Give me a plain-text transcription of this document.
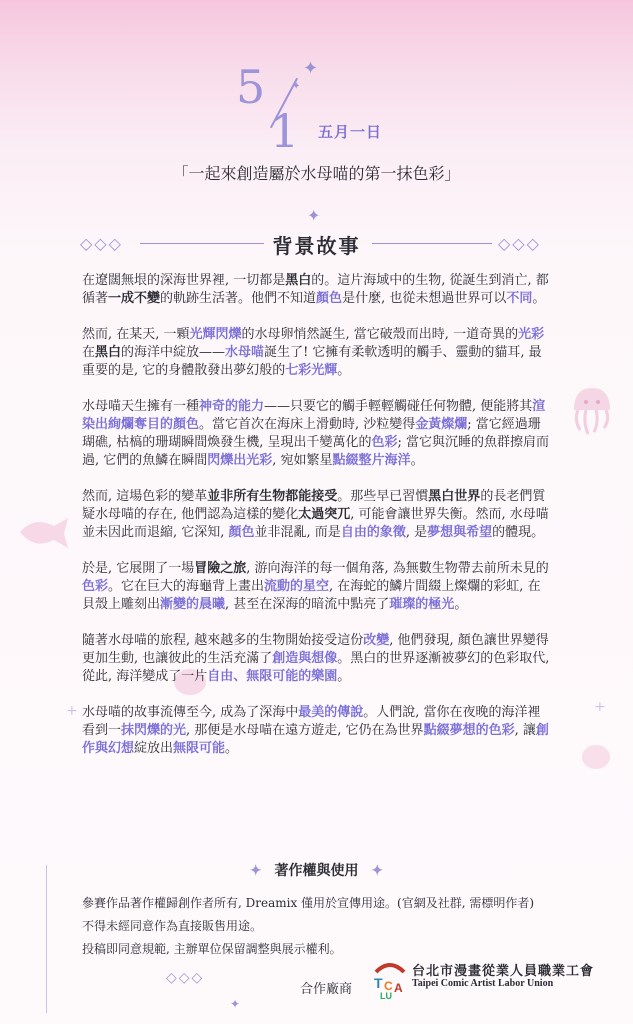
5
1 五月一日
✦
✦
「一起來創造屬於水母喵的第一抹色彩」
✦
◇◇◇	背景故事	◇◇◇

在遼闊無垠的深海世界裡, 一切都是黑白的。這片海域中的生物, 從誕生到消亡, 都循著一成不變的軌跡生活著。他們不知道顏色是什麼, 也從未想過世界可以不同。

然而, 在某天, 一顆光輝閃爍的水母卵悄然誕生, 當它破殼而出時, 一道奇異的光彩在黑白的海洋中綻放——水母喵誕生了! 它擁有柔軟透明的觸手、靈動的貓耳, 最重要的是, 它的身體散發出夢幻般的七彩光輝。

水母喵天生擁有一種神奇的能力——只要它的觸手輕輕觸碰任何物體, 便能將其渲染出絢爛奪目的顏色。當它首次在海床上滑動時, 沙粒變得金黃燦爛; 當它經過珊瑚礁, 枯槁的珊瑚瞬間煥發生機, 呈現出千變萬化的色彩; 當它與沉睡的魚群擦肩而過, 它們的魚鱗在瞬間閃爍出光彩, 宛如繁星點綴整片海洋。

然而, 這場色彩的變革並非所有生物都能接受。那些早已習慣黑白世界的長老們質疑水母喵的存在, 他們認為這樣的變化太過突兀, 可能會讓世界失衡。然而, 水母喵並未因此而退縮, 它深知, 顏色並非混亂, 而是自由的象徵, 是夢想與希望的體現。

於是, 它展開了一場冒險之旅, 游向海洋的每一個角落, 為無數生物帶去前所未見的色彩。它在巨大的海龜背上畫出流動的星空, 在海蛇的鱗片間綴上燦爛的彩虹, 在貝殼上雕刻出漸變的晨曦, 甚至在深海的暗流中點亮了璀璨的極光。

隨著水母喵的旅程, 越來越多的生物開始接受這份改變, 他們發現, 顏色讓世界變得更加生動, 也讓彼此的生活充滿了創造與想像。黑白的世界逐漸被夢幻的色彩取代, 從此, 海洋變成了一片自由、無限可能的樂園。

水母喵的故事流傳至今, 成為了深海中最美的傳說。人們說, 當你在夜晚的海洋裡看到一抹閃爍的光, 那便是水母喵在遠方遊走, 它仍在為世界點綴夢想的色彩, 讓創作與幻想綻放出無限可能。

+	+
✦ 著作權與使用 ✦
參賽作品著作權歸創作者所有, Dreamix 僅用於宣傳用途。(官網及社群, 需標明作者)
不得未經同意作為直接販售用途。
投稿即同意規範, 主辦單位保留調整與展示權利。
◇◇◇
✦
合作廠商 T C A
LU
台北市漫畫從業人員職業工會
Taipei Comic Artist Labor Union
